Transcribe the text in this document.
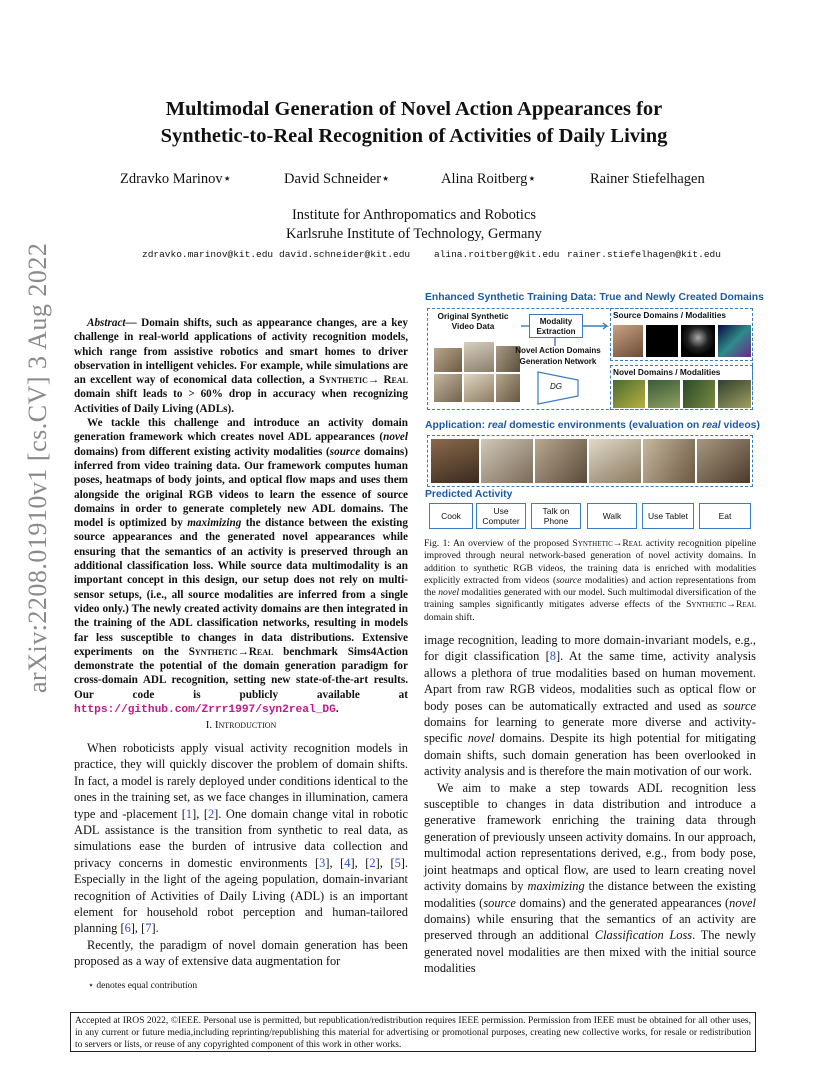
Multimodal Generation of Novel Action Appearances for
Synthetic-to-Real Recognition of Activities of Daily Living
Zdravko Marinov⋆	David Schneider⋆	Alina Roitberg⋆	Rainer Stiefelhagen
Institute for Anthropomatics and Robotics
Karlsruhe Institute of Technology, Germany
zdravko.marinov@kit.edu david.schneider@kit.edu	alina.roitberg@kit.edu rainer.stiefelhagen@kit.edu
arXiv:2208.01910v1 [cs.CV] 3 Aug 2022	Abstract— Domain shifts, such as appearance changes, are a key challenge in real-world applications of activity recognition models, which range from assistive robotics and smart homes to driver observation in intelligent vehicles. For example, while simulations are an excellent way of economical data collection, a Synthetic→ Real domain shift leads to > 60% drop in accuracy when recognizing Activities of Daily Living (ADLs).

We tackle this challenge and introduce an activity domain generation framework which creates novel ADL appearances (novel domains) from different existing activity modalities (source domains) inferred from video training data. Our framework computes human poses, heatmaps of body joints, and optical flow maps and uses them alongside the original RGB videos to learn the essence of source domains in order to generate completely new ADL domains. The model is optimized by maximizing the distance between the existing source appearances and the generated novel appearances while ensuring that the semantics of an activity is preserved through an additional classification loss. While source data multimodality is an important concept in this design, our setup does not rely on multi-sensor setups, (i.e., all source modalities are inferred from a single video only.) The newly created activity domains are then integrated in the training of the ADL classification networks, resulting in models far less susceptible to changes in data distributions. Extensive experiments on the Synthetic→Real benchmark Sims4Action demonstrate the potential of the domain generation paradigm for cross-domain ADL recognition, setting new state-of-the-art results. Our code is publicly available at https://github.com/Zrrr1997/syn2real_DG.

I. Introduction

When roboticists apply visual activity recognition models in practice, they will quickly discover the problem of domain shifts. In fact, a model is rarely deployed under conditions identical to the ones in the training set, as we face changes in illumination, camera type and -placement [1], [2]. One domain change vital in robotic ADL assistance is the transition from synthetic to real data, as simulations ease the burden of intrusive data collection and privacy concerns in domestic environments [3], [4], [2], [5]. Especially in the light of the ageing population, domain-invariant recognition of Activities of Daily Living (ADL) is an important element for household robot perception and human-tailored planning [6], [7].

Recently, the paradigm of novel domain generation has been proposed as a way of extensive data augmentation for

⋆ denotes equal contribution
Enhanced Synthetic Training Data: True and Newly Created Domains
Original Synthetic Video Data	Modality Extraction
Novel Action Domains Generation Network
DG
Source Domains / Modalities
Novel Domains / Modalities
Application: real domestic environments (evaluation on real videos)
Predicted Activity
Cook	Use Computer
Talk on Phone	Walk	Use Tablet	Eat
Fig. 1: An overview of the proposed Synthetic→Real activity recognition pipeline improved through neural network-based generation of novel activity domains. In addition to synthetic RGB videos, the training data is enriched with modalities explicitly extracted from videos (source modalities) and action representations from the novel modalities generated with our model. Such multimodal diversification of the training samples significantly mitigates adverse effects of the Synthetic→Real domain shift.

image recognition, leading to more domain-invariant models, e.g., for digit classification [8]. At the same time, activity analysis allows a plethora of true modalities based on human movement. Apart from raw RGB videos, modalities such as optical flow or body poses can be automatically extracted and used as source domains for learning to generate more diverse and activity-specific novel domains. Despite its high potential for mitigating domain shifts, such domain generation has been overlooked in activity analysis and is therefore the main motivation of our work.

We aim to make a step towards ADL recognition less susceptible to changes in data distribution and introduce a generative framework enriching the training data through generation of previously unseen activity domains. In our approach, multimodal action representations derived, e.g., from body pose, joint heatmaps and optical flow, are used to learn creating novel activity domains by maximizing the distance between the existing modalities (source domains) and the generated appearances (novel domains) while ensuring that the semantics of an activity are preserved through an additional Classification Loss. The newly generated novel modalities are then mixed with the initial source modalities

Accepted at IROS 2022, ©IEEE. Personal use is permitted, but republication/redistribution requires IEEE permission. Permission from IEEE must be obtained for all other uses, in any current or future media,including reprinting/republishing this material for advertising or promotional purposes, creating new collective works, for resale or redistribution to servers or lists, or reuse of any copyrighted component of this work in other works.
